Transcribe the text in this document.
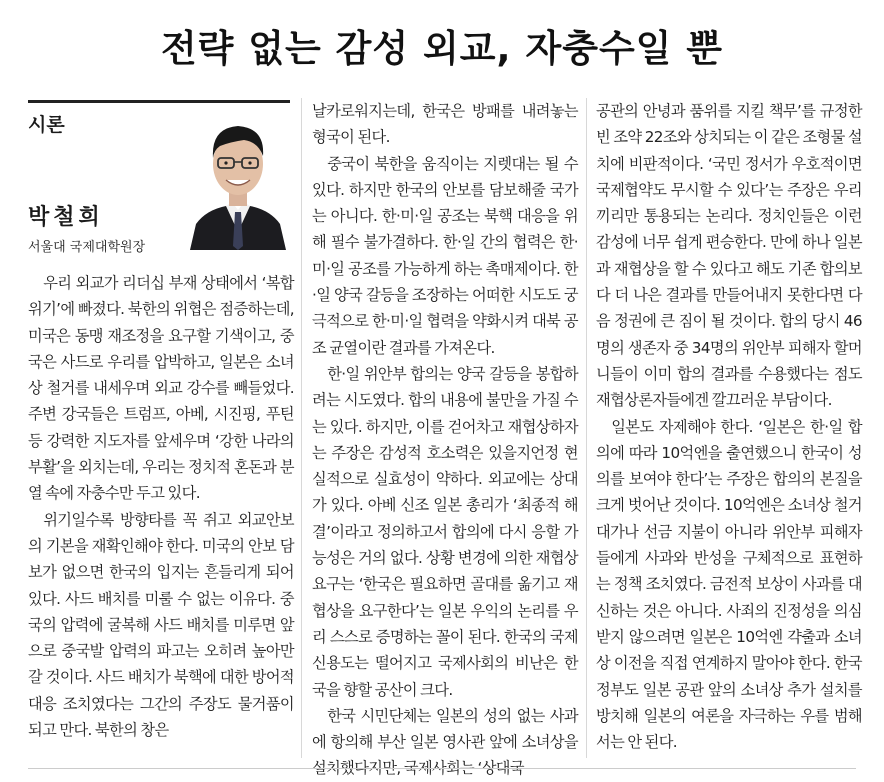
전략 없는 감성 외교, 자충수일 뿐
시론
박철희
서울대 국제대학원장

우리 외교가 리더십 부재 상태에서 ‘복합 위기’에 빠졌다. 북한의 위협은 점증하는데, 미국은 동맹 재조정을 요구할 기색이고, 중국은 사드로 우리를 압박하고, 일본은 소녀상 철거를 내세우며 외교 강수를 빼들었다. 주변 강국들은 트럼프, 아베, 시진핑, 푸틴 등 강력한 지도자를 앞세우며 ‘강한 나라의 부활’을 외치는데, 우리는 정치적 혼돈과 분열 속에 자충수만 두고 있다.

위기일수록 방향타를 꼭 쥐고 외교안보의 기본을 재확인해야 한다. 미국의 안보 담보가 없으면 한국의 입지는 흔들리게 되어 있다. 사드 배치를 미룰 수 없는 이유다. 중국의 압력에 굴복해 사드 배치를 미루면 앞으로 중국발 압력의 파고는 오히려 높아만 갈 것이다. 사드 배치가 북핵에 대한 방어적 대응 조치였다는 그간의 주장도 물거품이 되고 만다. 북한의 창은

날카로워지는데, 한국은 방패를 내려놓는 형국이 된다.

중국이 북한을 움직이는 지렛대는 될 수 있다. 하지만 한국의 안보를 담보해줄 국가는 아니다. 한·미·일 공조는 북핵 대응을 위해 필수 불가결하다. 한·일 간의 협력은 한·미·일 공조를 가능하게 하는 촉매제이다. 한·일 양국 갈등을 조장하는 어떠한 시도도 궁극적으로 한·미·일 협력을 약화시켜 대북 공조 균열이란 결과를 가져온다.

한·일 위안부 합의는 양국 갈등을 봉합하려는 시도였다. 합의 내용에 불만을 가질 수는 있다. 하지만, 이를 걷어차고 재협상하자는 주장은 감성적 호소력은 있을지언정 현실적으로 실효성이 약하다. 외교에는 상대가 있다. 아베 신조 일본 총리가 ‘최종적 해결’이라고 정의하고서 합의에 다시 응할 가능성은 거의 없다. 상황 변경에 의한 재협상 요구는 ‘한국은 필요하면 골대를 옮기고 재협상을 요구한다’는 일본 우익의 논리를 우리 스스로 증명하는 꼴이 된다. 한국의 국제 신용도는 떨어지고 국제사회의 비난은 한국을 향할 공산이 크다.

한국 시민단체는 일본의 성의 없는 사과에 항의해 부산 일본 영사관 앞에 소녀상을 설치했다지만, 국제사회는 ‘상대국

공관의 안녕과 품위를 지킬 책무’를 규정한 빈 조약 22조와 상치되는 이 같은 조형물 설치에 비판적이다. ‘국민 정서가 우호적이면 국제협약도 무시할 수 있다’는 주장은 우리끼리만 통용되는 논리다. 정치인들은 이런 감성에 너무 쉽게 편승한다. 만에 하나 일본과 재협상을 할 수 있다고 해도 기존 합의보다 더 나은 결과를 만들어내지 못한다면 다음 정권에 큰 짐이 될 것이다. 합의 당시 46명의 생존자 중 34명의 위안부 피해자 할머니들이 이미 합의 결과를 수용했다는 점도 재협상론자들에겐 깔끄러운 부담이다.

일본도 자제해야 한다. ‘일본은 한·일 합의에 따라 10억엔을 출연했으니 한국이 성의를 보여야 한다’는 주장은 합의의 본질을 크게 벗어난 것이다. 10억엔은 소녀상 철거 대가나 선금 지불이 아니라 위안부 피해자들에게 사과와 반성을 구체적으로 표현하는 정책 조치였다. 금전적 보상이 사과를 대신하는 것은 아니다. 사죄의 진정성을 의심받지 않으려면 일본은 10억엔 갹출과 소녀상 이전을 직접 연계하지 말아야 한다. 한국 정부도 일본 공관 앞의 소녀상 추가 설치를 방치해 일본의 여론을 자극하는 우를 범해서는 안 된다.
